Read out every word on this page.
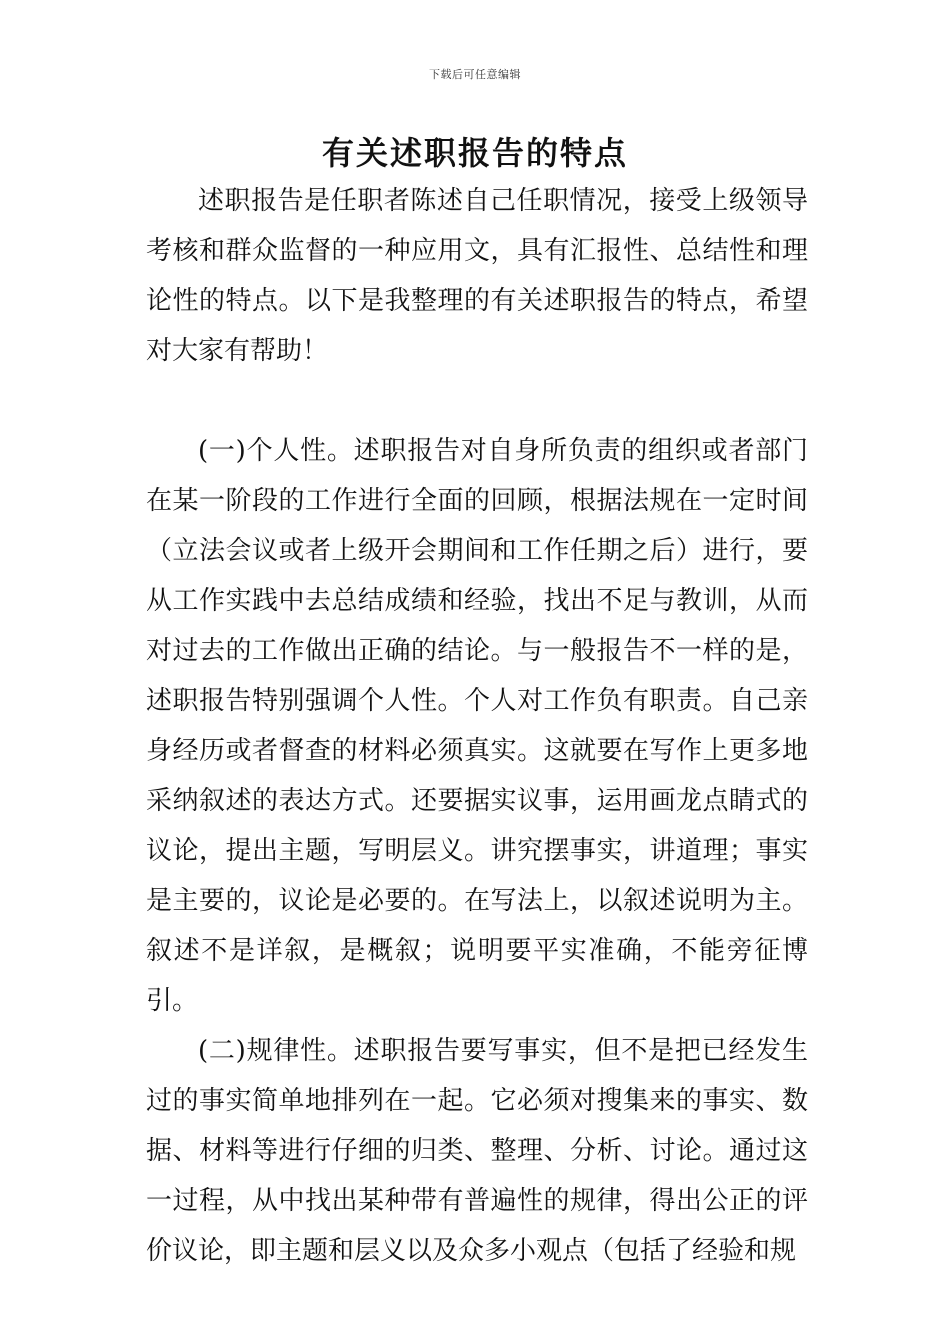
下载后可任意编辑
有关述职报告的特点

述职报告是任职者陈述自己任职情况，接受上级领导考核和群众监督的一种应用文，具有汇报性、总结性和理论性的特点。以下是我整理的有关述职报告的特点，希望对大家有帮助！

(一)个人性。述职报告对自身所负责的组织或者部门在某一阶段的工作进行全面的回顾，根据法规在一定时间（立法会议或者上级开会期间和工作任期之后）进行，要从工作实践中去总结成绩和经验，找出不足与教训，从而对过去的工作做出正确的结论。与一般报告不一样的是，述职报告特别强调个人性。个人对工作负有职责。自己亲身经历或者督查的材料必须真实。这就要在写作上更多地采纳叙述的表达方式。还要据实议事，运用画龙点睛式的议论，提出主题，写明层义。讲究摆事实，讲道理；事实是主要的，议论是必要的。在写法上，以叙述说明为主。叙述不是详叙，是概叙；说明要平实准确，不能旁征博引。

(二)规律性。述职报告要写事实，但不是把已经发生过的事实简单地排列在一起。它必须对搜集来的事实、数据、材料等进行仔细的归类、整理、分析、讨论。通过这一过程，从中找出某种带有普遍性的规律，得出公正的评价议论，即主题和层义以及众多小观点（包括了经验和规
